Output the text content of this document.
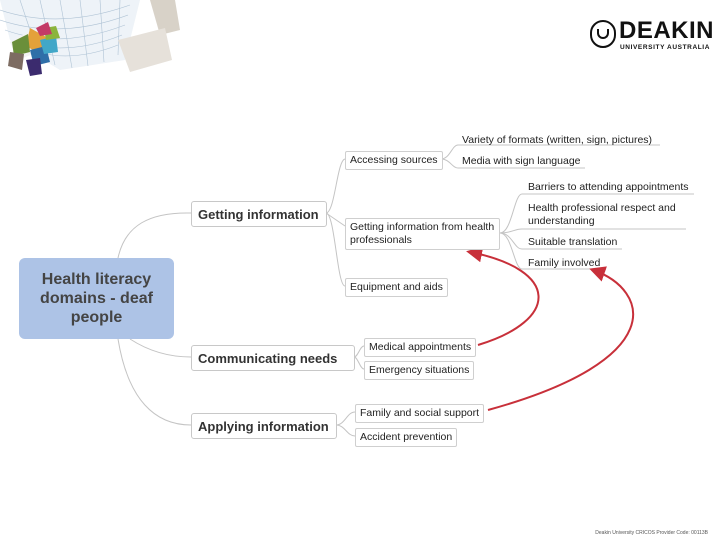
DEAKIN
UNIVERSITY AUSTRALIA
Health literacy domains - deaf people
Getting information
Communicating needs
Applying information
Accessing sources
Getting information from health professionals
Equipment and aids
Variety of formats (written, sign, pictures)
Media with sign language
Barriers to attending appointments
Health professional respect and understanding
Suitable translation
Family involved
Medical appointments
Emergency situations
Family and social support
Accident prevention
Deakin University CRICOS Provider Code: 00113B
